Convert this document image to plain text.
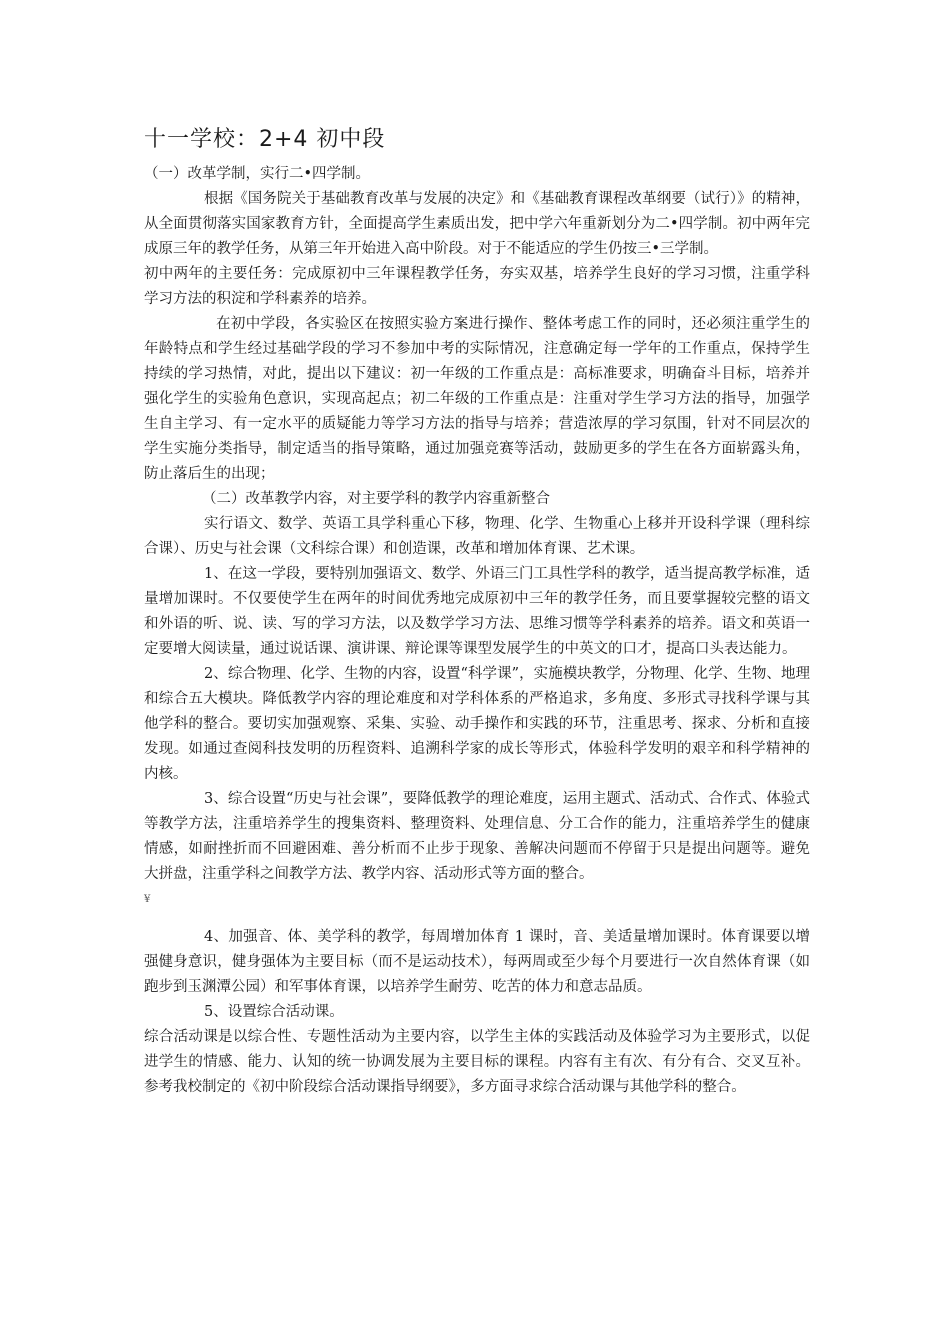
十一学校：2+4 初中段

（一）改革学制，实行二•四学制。

根据《国务院关于基础教育改革与发展的决定》和《基础教育课程改革纲要（试行）》的精神，从全面贯彻落实国家教育方针，全面提高学生素质出发，把中学六年重新划分为二•四学制。初中两年完成原三年的教学任务，从第三年开始进入高中阶段。对于不能适应的学生仍按三•三学制。

初中两年的主要任务：完成原初中三年课程教学任务，夯实双基，培养学生良好的学习习惯，注重学科学习方法的积淀和学科素养的培养。

在初中学段，各实验区在按照实验方案进行操作、整体考虑工作的同时，还必须注重学生的年龄特点和学生经过基础学段的学习不参加中考的实际情况，注意确定每一学年的工作重点，保持学生持续的学习热情，对此，提出以下建议：初一年级的工作重点是：高标准要求，明确奋斗目标，培养并强化学生的实验角色意识，实现高起点；初二年级的工作重点是：注重对学生学习方法的指导，加强学生自主学习、有一定水平的质疑能力等学习方法的指导与培养；营造浓厚的学习氛围，针对不同层次的学生实施分类指导，制定适当的指导策略，通过加强竞赛等活动，鼓励更多的学生在各方面崭露头角，防止落后生的出现；

（二）改革教学内容，对主要学科的教学内容重新整合

实行语文、数学、英语工具学科重心下移，物理、化学、生物重心上移并开设科学课（理科综合课）、历史与社会课（文科综合课）和创造课，改革和增加体育课、艺术课。

1、在这一学段，要特别加强语文、数学、外语三门工具性学科的教学，适当提高教学标准，适量增加课时。不仅要使学生在两年的时间优秀地完成原初中三年的教学任务，而且要掌握较完整的语文和外语的听、说、读、写的学习方法，以及数学学习方法、思维习惯等学科素养的培养。语文和英语一定要增大阅读量，通过说话课、演讲课、辩论课等课型发展学生的中英文的口才，提高口头表达能力。

2、综合物理、化学、生物的内容，设置“科学课”，实施模块教学，分物理、化学、生物、地理和综合五大模块。降低教学内容的理论难度和对学科体系的严格追求，多角度、多形式寻找科学课与其他学科的整合。要切实加强观察、采集、实验、动手操作和实践的环节，注重思考、探求、分析和直接发现。如通过查阅科技发明的历程资料、追溯科学家的成长等形式，体验科学发明的艰辛和科学精神的内核。

3、综合设置“历史与社会课”，要降低教学的理论难度，运用主题式、活动式、合作式、体验式等教学方法，注重培养学生的搜集资料、整理资料、处理信息、分工合作的能力，注重培养学生的健康情感，如耐挫折而不回避困难、善分析而不止步于现象、善解决问题而不停留于只是提出问题等。避免大拼盘，注重学科之间教学方法、教学内容、活动形式等方面的整合。

¥

4、加强音、体、美学科的教学，每周增加体育 1 课时，音、美适量增加课时。体育课要以增强健身意识，健身强体为主要目标（而不是运动技术），每两周或至少每个月要进行一次自然体育课（如跑步到玉渊潭公园）和军事体育课，以培养学生耐劳、吃苦的体力和意志品质。

5、设置综合活动课。

综合活动课是以综合性、专题性活动为主要内容，以学生主体的实践活动及体验学习为主要形式，以促进学生的情感、能力、认知的统一协调发展为主要目标的课程。内容有主有次、有分有合、交叉互补。参考我校制定的《初中阶段综合活动课指导纲要》，多方面寻求综合活动课与其他学科的整合。
